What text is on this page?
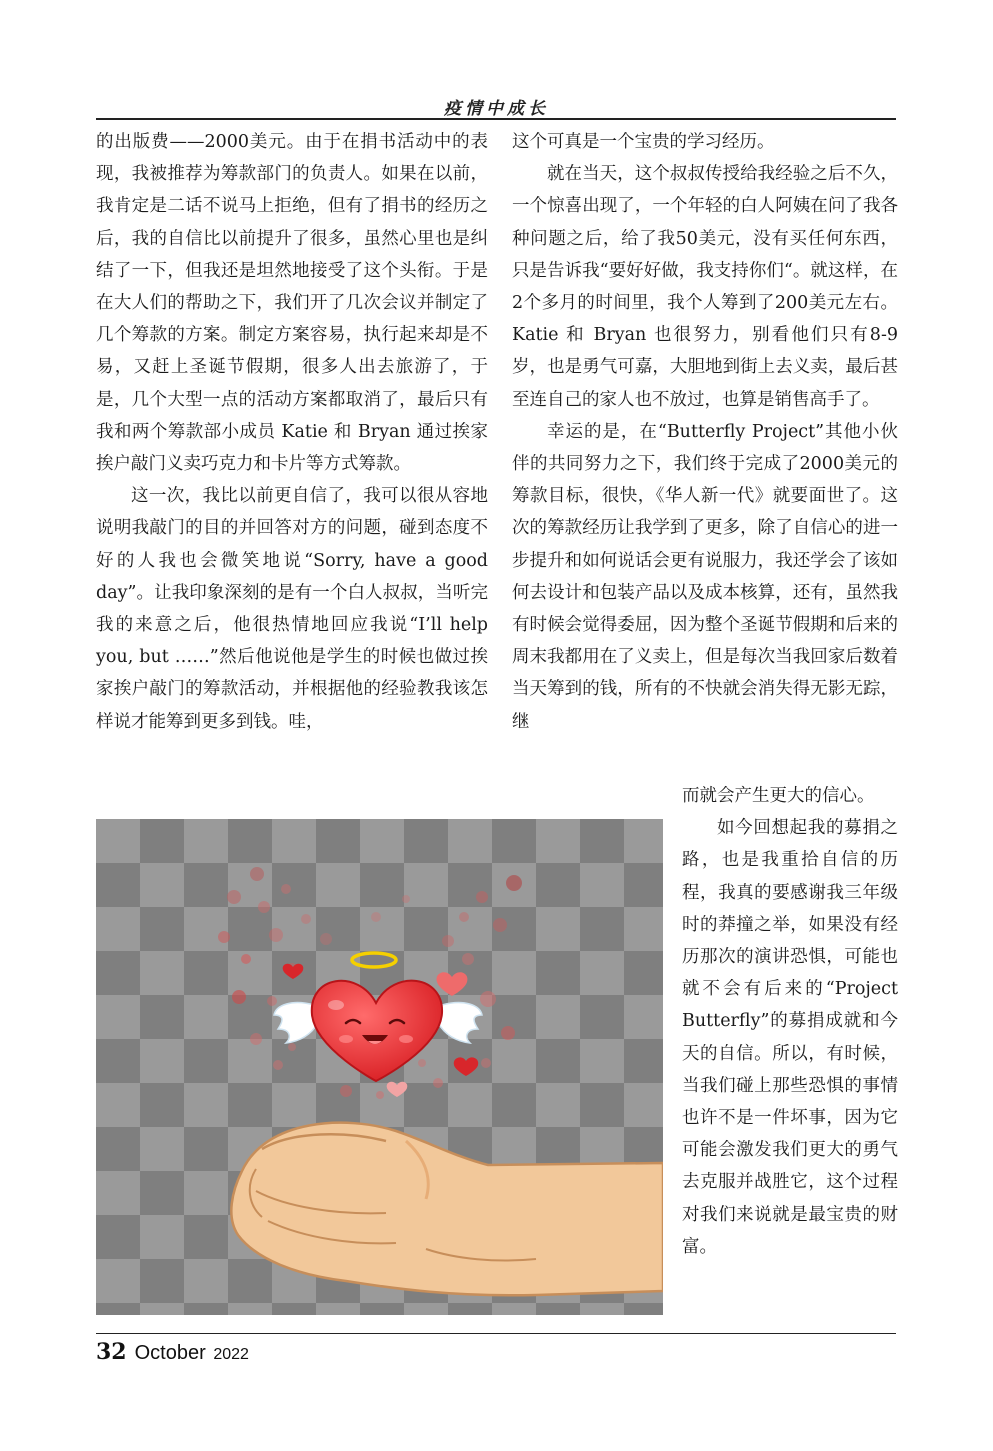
疫情中成长

的出版费——2000美元。由于在捐书活动中的表现，我被推荐为筹款部门的负责人。如果在以前，我肯定是二话不说马上拒绝，但有了捐书的经历之后，我的自信比以前提升了很多，虽然心里也是纠结了一下，但我还是坦然地接受了这个头衔。于是在大人们的帮助之下，我们开了几次会议并制定了几个筹款的方案。制定方案容易，执行起来却是不易，又赶上圣诞节假期，很多人出去旅游了，于是，几个大型一点的活动方案都取消了，最后只有我和两个筹款部小成员 Katie 和 Bryan 通过挨家挨户敲门义卖巧克力和卡片等方式筹款。

这一次，我比以前更自信了，我可以很从容地说明我敲门的目的并回答对方的问题，碰到态度不好的人我也会微笑地说“Sorry, have a good day”。让我印象深刻的是有一个白人叔叔，当听完我的来意之后，他很热情地回应我说“I’ll help you, but ……”然后他说他是学生的时候也做过挨家挨户敲门的筹款活动，并根据他的经验教我该怎样说才能筹到更多到钱。哇，

这个可真是一个宝贵的学习经历。

就在当天，这个叔叔传授给我经验之后不久，一个惊喜出现了，一个年轻的白人阿姨在问了我各种问题之后，给了我50美元，没有买任何东西，只是告诉我“要好好做，我支持你们“。就这样，在2个多月的时间里，我个人筹到了200美元左右。Katie 和 Bryan 也很努力，别看他们只有8-9岁，也是勇气可嘉，大胆地到街上去义卖，最后甚至连自己的家人也不放过，也算是销售高手了。

幸运的是，在“Butterfly Project”其他小伙伴的共同努力之下，我们终于完成了2000美元的筹款目标，很快，《华人新一代》就要面世了。这次的筹款经历让我学到了更多，除了自信心的进一步提升和如何说话会更有说服力，我还学会了该如何去设计和包装产品以及成本核算，还有，虽然我有时候会觉得委屈，因为整个圣诞节假期和后来的周末我都用在了义卖上，但是每次当我回家后数着当天筹到的钱，所有的不快就会消失得无影无踪，继

而就会产生更大的信心。

如今回想起我的募捐之路，也是我重拾自信的历程，我真的要感谢我三年级时的莽撞之举，如果没有经历那次的演讲恐惧，可能也就不会有后来的“Project Butterfly”的募捐成就和今天的自信。所以，有时候，当我们碰上那些恐惧的事情也许不是一件坏事，因为它可能会激发我们更大的勇气去克服并战胜它，这个过程对我们来说就是最宝贵的财富。

32 October 2022
